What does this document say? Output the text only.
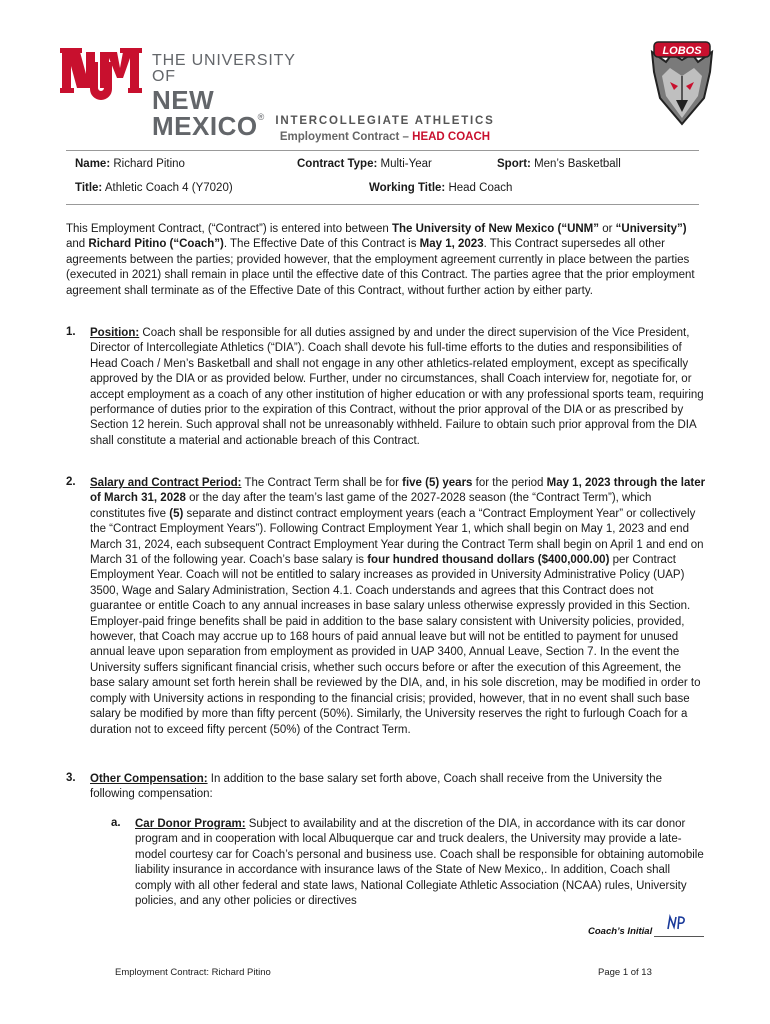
THE UNIVERSITY OF
NEW MEXICO®
LOBOS
INTERCOLLEGIATE ATHLETICS
Employment Contract – HEAD COACH
Name: Richard Pitino	Contract Type: Multi-Year	Sport: Men’s Basketball
Title: Athletic Coach 4 (Y7020)	Working Title: Head Coach

This Employment Contract, (“Contract”) is entered into between The University of New Mexico (“UNM” or “University”) and Richard Pitino (“Coach”). The Effective Date of this Contract is May 1, 2023. This Contract supersedes all other agreements between the parties; provided however, that the employment agreement currently in place between the parties (executed in 2021) shall remain in place until the effective date of this Contract. The parties agree that the prior employment agreement shall terminate as of the Effective Date of this Contract, without further action by either party.

1. Position: Coach shall be responsible for all duties assigned by and under the direct supervision of the Vice President, Director of Intercollegiate Athletics (“DIA”). Coach shall devote his full-time efforts to the duties and responsibilities of Head Coach / Men’s Basketball and shall not engage in any other athletics-related employment, except as specifically approved by the DIA or as provided below. Further, under no circumstances, shall Coach interview for, negotiate for, or accept employment as a coach of any other institution of higher education or with any professional sports team, requiring performance of duties prior to the expiration of this Contract, without the prior approval of the DIA or as prescribed by Section 12 herein. Such approval shall not be unreasonably withheld. Failure to obtain such prior approval from the DIA shall constitute a material and actionable breach of this Contract.

2. Salary and Contract Period: The Contract Term shall be for five (5) years for the period May 1, 2023 through the later of March 31, 2028 or the day after the team’s last game of the 2027-2028 season (the “Contract Term”), which constitutes five (5) separate and distinct contract employment years (each a “Contract Employment Year” or collectively the “Contract Employment Years”). Following Contract Employment Year 1, which shall begin on May 1, 2023 and end March 31, 2024, each subsequent Contract Employment Year during the Contract Term shall begin on April 1 and end on March 31 of the following year. Coach’s base salary is four hundred thousand dollars ($400,000.00) per Contract Employment Year. Coach will not be entitled to salary increases as provided in University Administrative Policy (UAP) 3500, Wage and Salary Administration, Section 4.1. Coach understands and agrees that this Contract does not guarantee or entitle Coach to any annual increases in base salary unless otherwise expressly provided in this Section. Employer-paid fringe benefits shall be paid in addition to the base salary consistent with University policies, provided, however, that Coach may accrue up to 168 hours of paid annual leave but will not be entitled to payment for unused annual leave upon separation from employment as provided in UAP 3400, Annual Leave, Section 7. In the event the University suffers significant financial crisis, whether such occurs before or after the execution of this Agreement, the base salary amount set forth herein shall be reviewed by the DIA, and, in his sole discretion, may be modified in order to comply with University actions in responding to the financial crisis; provided, however, that in no event shall such base salary be modified by more than fifty percent (50%). Similarly, the University reserves the right to furlough Coach for a duration not to exceed fifty percent (50%) of the Contract Term.

3. Other Compensation: In addition to the base salary set forth above, Coach shall receive from the University the following compensation:

a. Car Donor Program: Subject to availability and at the discretion of the DIA, in accordance with its car donor program and in cooperation with local Albuquerque car and truck dealers, the University may provide a late-model courtesy car for Coach’s personal and business use. Coach shall be responsible for obtaining automobile liability insurance in accordance with insurance laws of the State of New Mexico,. In addition, Coach shall comply with all other federal and state laws, National Collegiate Athletic Association (NCAA) rules, University policies, and any other policies or directives

Coach’s Initial
Employment Contract: Richard Pitino	Page 1 of 13
